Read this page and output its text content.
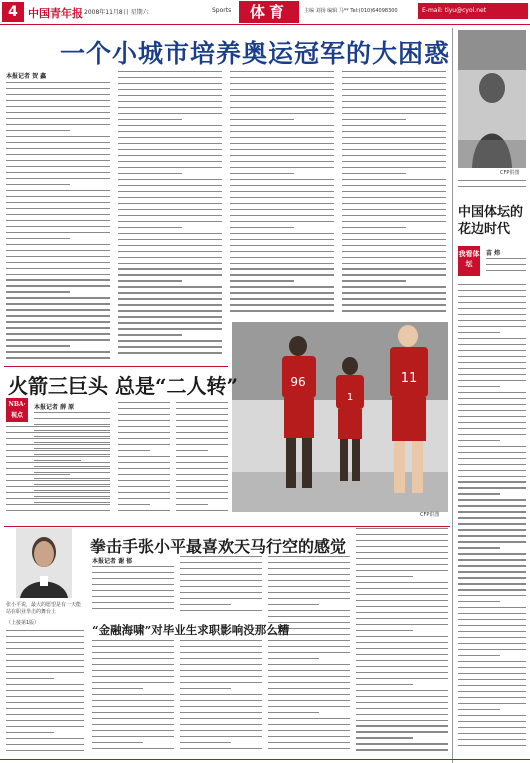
4 中国青年报 2008年11月8日 星期六	Sports	体育	主编 刘扬 编辑 马** Tel:(010)64098300	E-mail: tiyu@cyol.net
一个小城市培养奥运冠军的大困惑
本报记者 贺 鑫
CFP供图
中国体坛的花边时代
我看体坛
苗 炜
96
1
11
CFP供图
火箭三巨头 总是“二人转”
NBA·视点
本报记者 薛 原
拳击手张小平最喜欢天马行空的感觉
张小平说，最大的愿望是有一天能站在职业拳击的舞台上
（上接第1版）
本报记者 谢 郁
“金融海啸”对毕业生求职影响没那么糟
